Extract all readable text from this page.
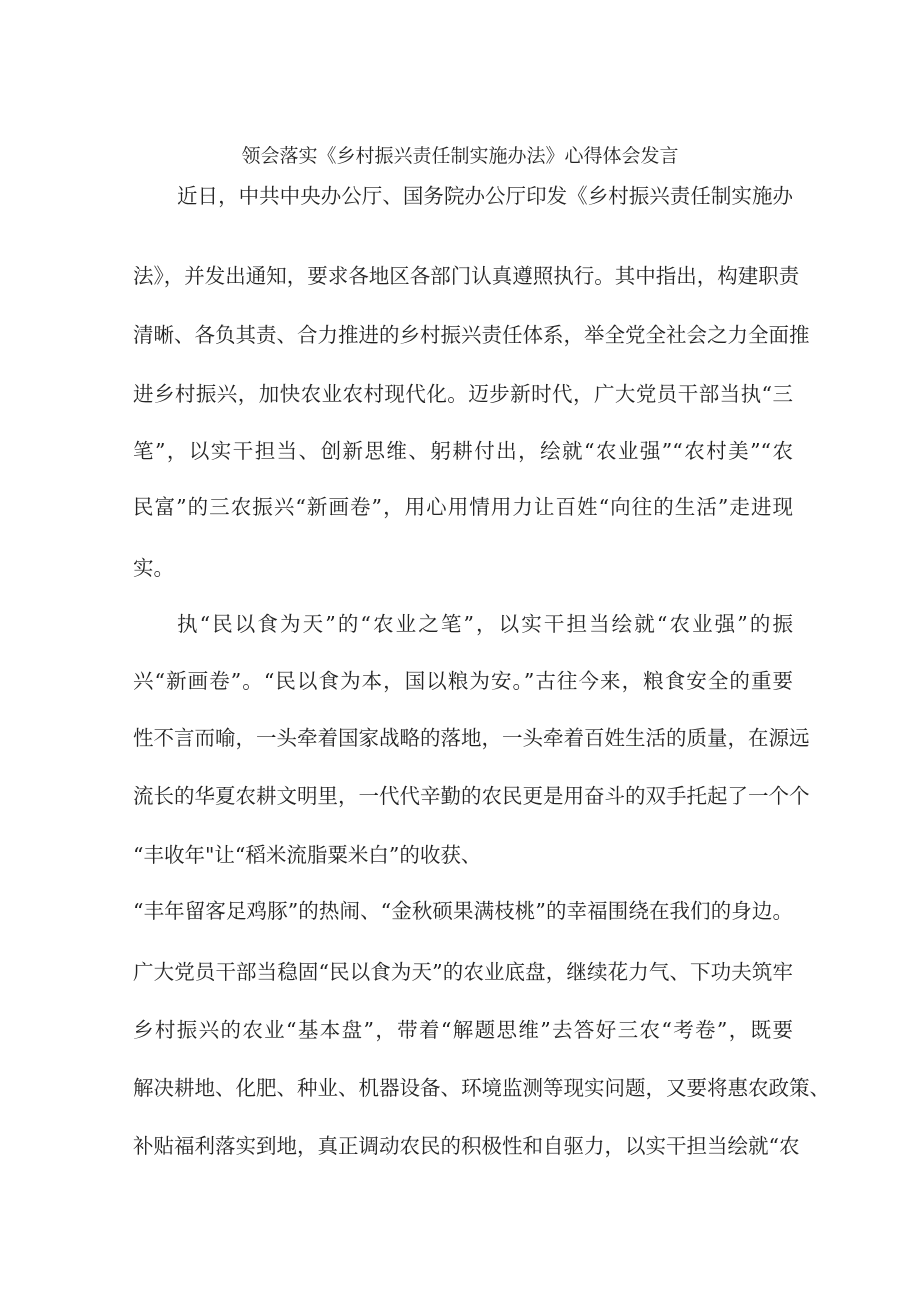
领会落实《乡村振兴责任制实施办法》心得体会发言
近日，中共中央办公厅、国务院办公厅印发《乡村振兴责任制实施办
法》，并发出通知，要求各地区各部门认真遵照执行。其中指出，构建职责
清晰、各负其责、合力推进的乡村振兴责任体系，举全党全社会之力全面推
进乡村振兴，加快农业农村现代化。迈步新时代，广大党员干部当执“三
笔”，以实干担当、创新思维、躬耕付出，绘就“农业强”“农村美”“农
民富”的三农振兴“新画卷”，用心用情用力让百姓“向往的生活”走进现
实。
执“民以食为天”的“农业之笔”，以实干担当绘就“农业强”的振
兴“新画卷”。“民以食为本，国以粮为安。”古往今来，粮食安全的重要
性不言而喻，一头牵着国家战略的落地，一头牵着百姓生活的质量，在源远
流长的华夏农耕文明里，一代代辛勤的农民更是用奋斗的双手托起了一个个
“丰收年"让“稻米流脂粟米白”的收获、
“丰年留客足鸡豚”的热闹、“金秋硕果满枝桃”的幸福围绕在我们的身边。
广大党员干部当稳固“民以食为天”的农业底盘，继续花力气、下功夫筑牢
乡村振兴的农业“基本盘”，带着“解题思维”去答好三农“考卷”，既要
解决耕地、化肥、种业、机器设备、环境监测等现实问题，又要将惠农政策、
补贴福利落实到地，真正调动农民的积极性和自驱力，以实干担当绘就“农
